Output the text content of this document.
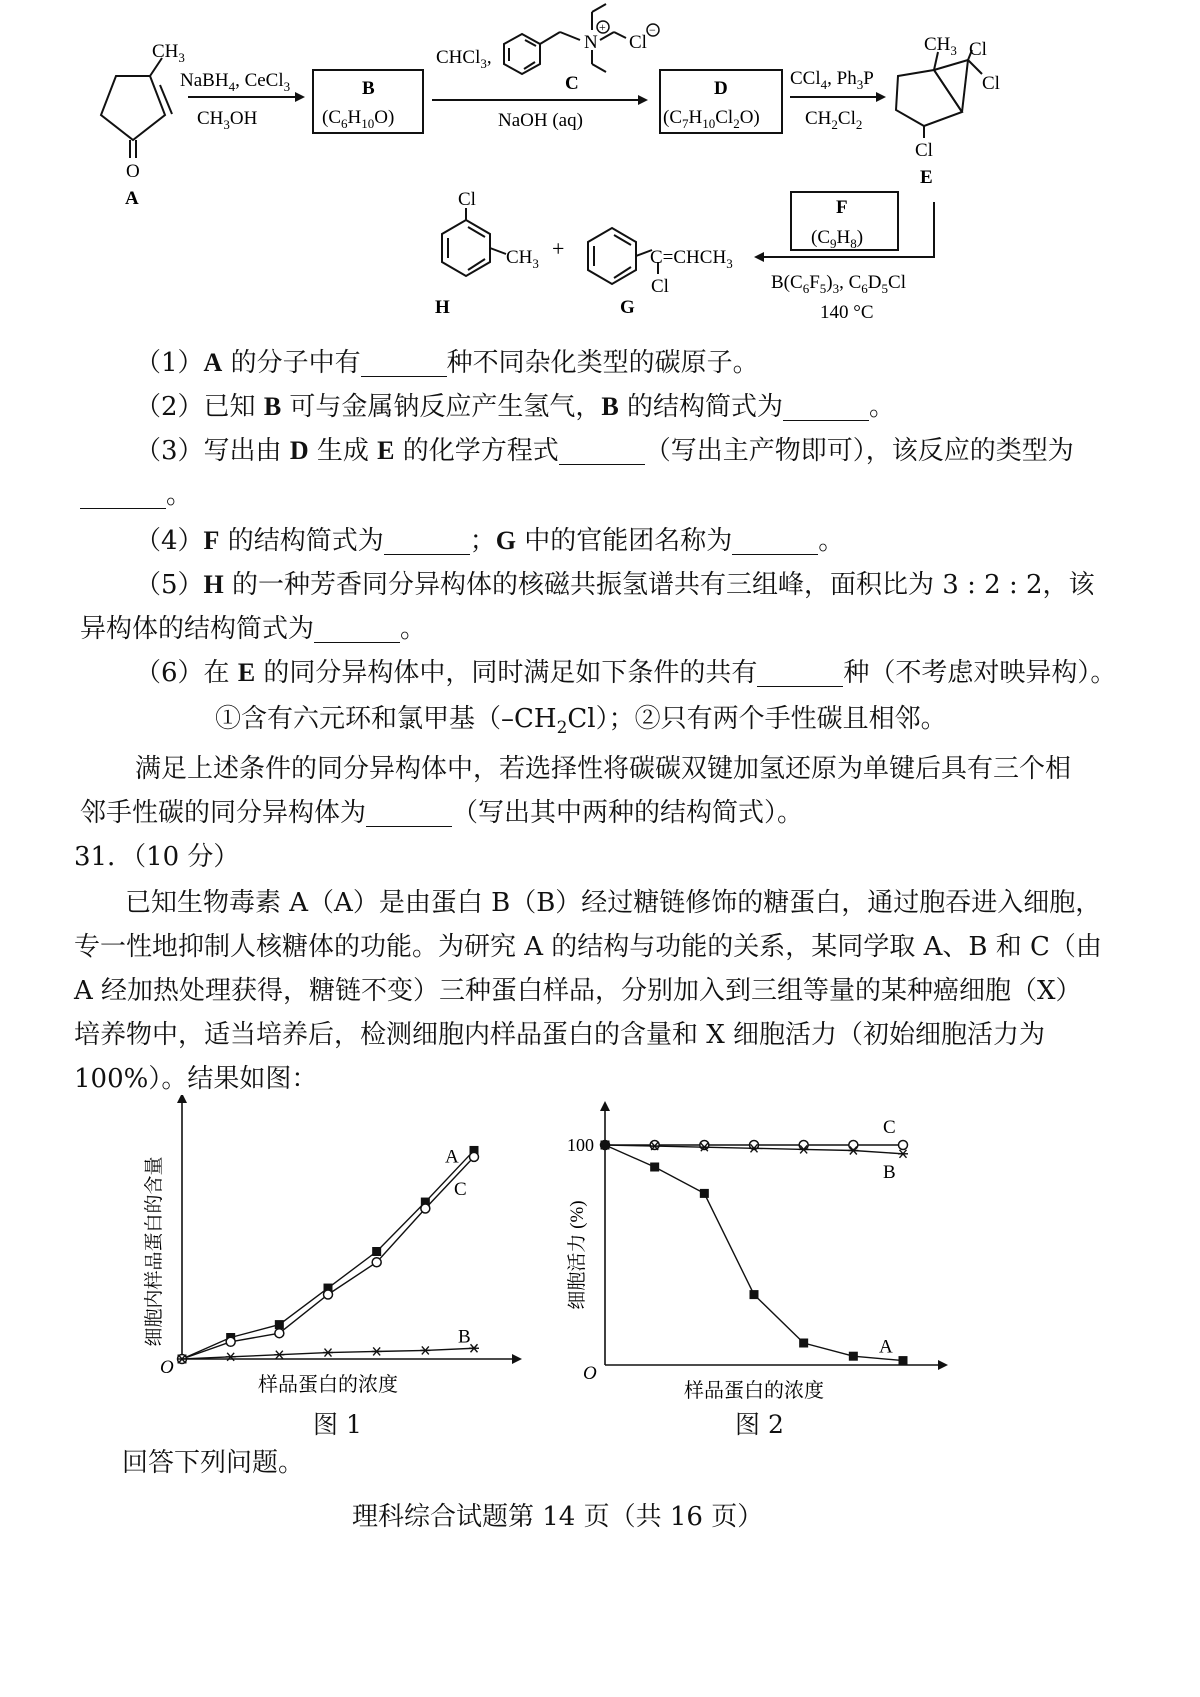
$CH_3$
O
A
NaBH$_4$, CeCl$_3$
$CH_3OH$
B
$(C_6H_{10}O)$
CHCl$_3$,
N
+
Cl
−
C
NaOH (aq)
D
$(C_7H_{10}Cl_2O)$
CCl$_4$, $Ph_3P$
$CH_2Cl_2$
$CH_3$ Cl
Cl
Cl
E
F
$(C_9H_8)$
$B(C_6F_5)_3$, $C_6D_5Cl$
140 °C
Cl
$CH_3$
H
+	$C=CHCH_3$
Cl
G
（1）A 的分子中有	种不同杂化类型的碳原子。
（2）已知 B 可与金属钠反应产生氢气，B 的结构简式为	。
（3）写出由 D 生成 E 的化学方程式	（写出主产物即可），该反应的类型为
。
（4）F 的结构简式为	；G 中的官能团名称为	。
（5）H 的一种芳香同分异构体的核磁共振氢谱共有三组峰，面积比为 3 : 2 : 2，该
异构体的结构简式为	。
（6）在 E 的同分异构体中，同时满足如下条件的共有	种（不考虑对映异构）。
①含有六元环和氯甲基$(-CH_2Cl)$；②只有两个手性碳且相邻。
满足上述条件的同分异构体中，若选择性将碳碳双键加氢还原为单键后具有三个相
邻手性碳的同分异构体为	（写出其中两种的结构简式）。
31．（10 分）
已知生物毒素 A（A）是由蛋白 B（B）经过糖链修饰的糖蛋白，通过胞吞进入细胞，
专一性地抑制人核糖体的功能。为研究 A 的结构与功能的关系，某同学取 A、B 和 C（由
A 经加热处理获得，糖链不变）三种蛋白样品，分别加入到三组等量的某种癌细胞（X）
培养物中，适当培养后，检测细胞内样品蛋白的含量和 X 细胞活力（初始细胞活力为
100%）。结果如图：
O
样品蛋白的浓度
细胞内样品蛋白的含量	A
C
B
O
样品蛋白的浓度
细胞活力 (%)
100
C
B
A
图 1	图 2
回答下列问题。
理科综合试题第 14 页（共 16 页）
